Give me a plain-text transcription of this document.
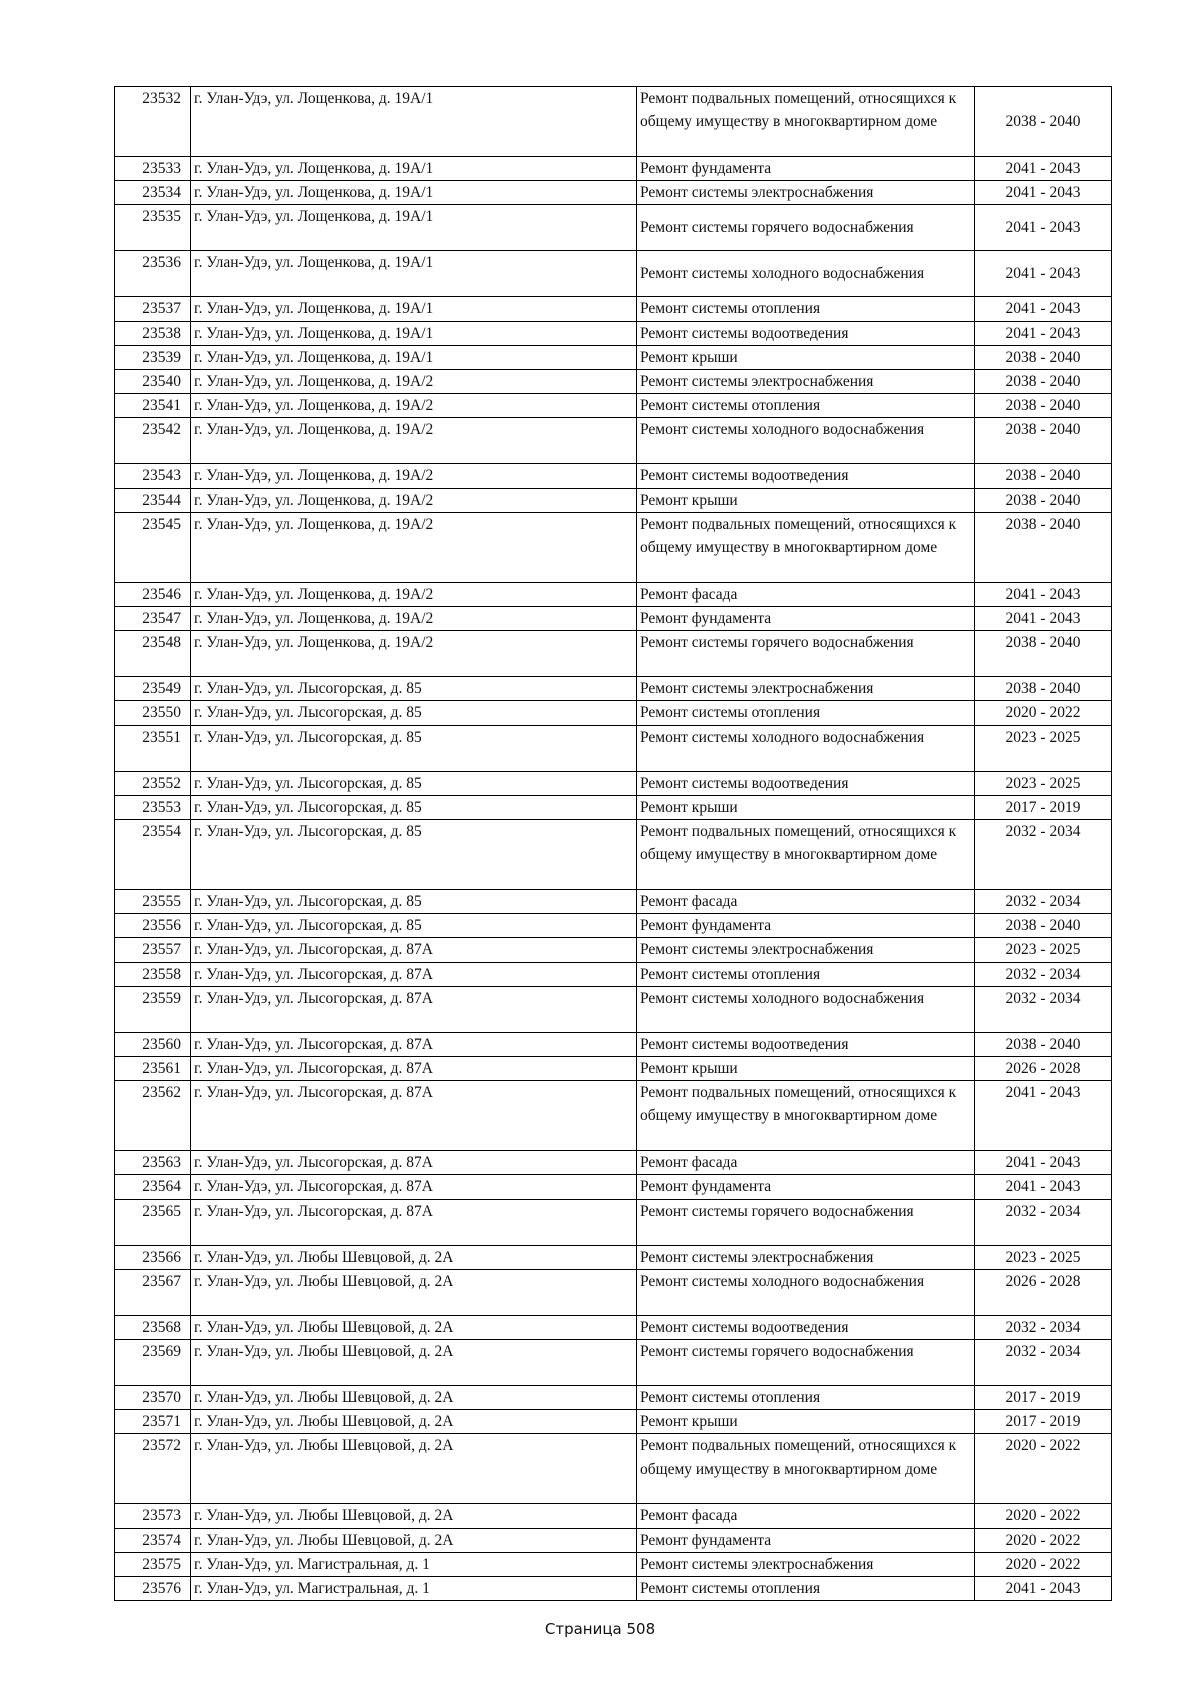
23532	г. Улан-Удэ, ул. Лощенкова, д. 19А/1	Ремонт подвальных помещений, относящихся к общему имуществу в многоквартирном доме	2038 - 2040
23533	г. Улан-Удэ, ул. Лощенкова, д. 19А/1	Ремонт фундамента	2041 - 2043
23534	г. Улан-Удэ, ул. Лощенкова, д. 19А/1	Ремонт системы электроснабжения	2041 - 2043
23535	г. Улан-Удэ, ул. Лощенкова, д. 19А/1	Ремонт системы горячего водоснабжения	2041 - 2043
23536	г. Улан-Удэ, ул. Лощенкова, д. 19А/1	Ремонт системы холодного водоснабжения	2041 - 2043
23537	г. Улан-Удэ, ул. Лощенкова, д. 19А/1	Ремонт системы отопления	2041 - 2043
23538	г. Улан-Удэ, ул. Лощенкова, д. 19А/1	Ремонт системы водоотведения	2041 - 2043
23539	г. Улан-Удэ, ул. Лощенкова, д. 19А/1	Ремонт крыши	2038 - 2040
23540	г. Улан-Удэ, ул. Лощенкова, д. 19А/2	Ремонт системы электроснабжения	2038 - 2040
23541	г. Улан-Удэ, ул. Лощенкова, д. 19А/2	Ремонт системы отопления	2038 - 2040
23542	г. Улан-Удэ, ул. Лощенкова, д. 19А/2	Ремонт системы холодного водоснабжения	2038 - 2040
23543	г. Улан-Удэ, ул. Лощенкова, д. 19А/2	Ремонт системы водоотведения	2038 - 2040
23544	г. Улан-Удэ, ул. Лощенкова, д. 19А/2	Ремонт крыши	2038 - 2040
23545	г. Улан-Удэ, ул. Лощенкова, д. 19А/2	Ремонт подвальных помещений, относящихся к общему имуществу в многоквартирном доме	2038 - 2040
23546	г. Улан-Удэ, ул. Лощенкова, д. 19А/2	Ремонт фасада	2041 - 2043
23547	г. Улан-Удэ, ул. Лощенкова, д. 19А/2	Ремонт фундамента	2041 - 2043
23548	г. Улан-Удэ, ул. Лощенкова, д. 19А/2	Ремонт системы горячего водоснабжения	2038 - 2040
23549	г. Улан-Удэ, ул. Лысогорская, д. 85	Ремонт системы электроснабжения	2038 - 2040
23550	г. Улан-Удэ, ул. Лысогорская, д. 85	Ремонт системы отопления	2020 - 2022
23551	г. Улан-Удэ, ул. Лысогорская, д. 85	Ремонт системы холодного водоснабжения	2023 - 2025
23552	г. Улан-Удэ, ул. Лысогорская, д. 85	Ремонт системы водоотведения	2023 - 2025
23553	г. Улан-Удэ, ул. Лысогорская, д. 85	Ремонт крыши	2017 - 2019
23554	г. Улан-Удэ, ул. Лысогорская, д. 85	Ремонт подвальных помещений, относящихся к общему имуществу в многоквартирном доме	2032 - 2034
23555	г. Улан-Удэ, ул. Лысогорская, д. 85	Ремонт фасада	2032 - 2034
23556	г. Улан-Удэ, ул. Лысогорская, д. 85	Ремонт фундамента	2038 - 2040
23557	г. Улан-Удэ, ул. Лысогорская, д. 87А	Ремонт системы электроснабжения	2023 - 2025
23558	г. Улан-Удэ, ул. Лысогорская, д. 87А	Ремонт системы отопления	2032 - 2034
23559	г. Улан-Удэ, ул. Лысогорская, д. 87А	Ремонт системы холодного водоснабжения	2032 - 2034
23560	г. Улан-Удэ, ул. Лысогорская, д. 87А	Ремонт системы водоотведения	2038 - 2040
23561	г. Улан-Удэ, ул. Лысогорская, д. 87А	Ремонт крыши	2026 - 2028
23562	г. Улан-Удэ, ул. Лысогорская, д. 87А	Ремонт подвальных помещений, относящихся к общему имуществу в многоквартирном доме	2041 - 2043
23563	г. Улан-Удэ, ул. Лысогорская, д. 87А	Ремонт фасада	2041 - 2043
23564	г. Улан-Удэ, ул. Лысогорская, д. 87А	Ремонт фундамента	2041 - 2043
23565	г. Улан-Удэ, ул. Лысогорская, д. 87А	Ремонт системы горячего водоснабжения	2032 - 2034
23566	г. Улан-Удэ, ул. Любы Шевцовой, д. 2А	Ремонт системы электроснабжения	2023 - 2025
23567	г. Улан-Удэ, ул. Любы Шевцовой, д. 2А	Ремонт системы холодного водоснабжения	2026 - 2028
23568	г. Улан-Удэ, ул. Любы Шевцовой, д. 2А	Ремонт системы водоотведения	2032 - 2034
23569	г. Улан-Удэ, ул. Любы Шевцовой, д. 2А	Ремонт системы горячего водоснабжения	2032 - 2034
23570	г. Улан-Удэ, ул. Любы Шевцовой, д. 2А	Ремонт системы отопления	2017 - 2019
23571	г. Улан-Удэ, ул. Любы Шевцовой, д. 2А	Ремонт крыши	2017 - 2019
23572	г. Улан-Удэ, ул. Любы Шевцовой, д. 2А	Ремонт подвальных помещений, относящихся к общему имуществу в многоквартирном доме	2020 - 2022
23573	г. Улан-Удэ, ул. Любы Шевцовой, д. 2А	Ремонт фасада	2020 - 2022
23574	г. Улан-Удэ, ул. Любы Шевцовой, д. 2А	Ремонт фундамента	2020 - 2022
23575	г. Улан-Удэ, ул. Магистральная, д. 1	Ремонт системы электроснабжения	2020 - 2022
23576	г. Улан-Удэ, ул. Магистральная, д. 1	Ремонт системы отопления	2041 - 2043
Страница 508
